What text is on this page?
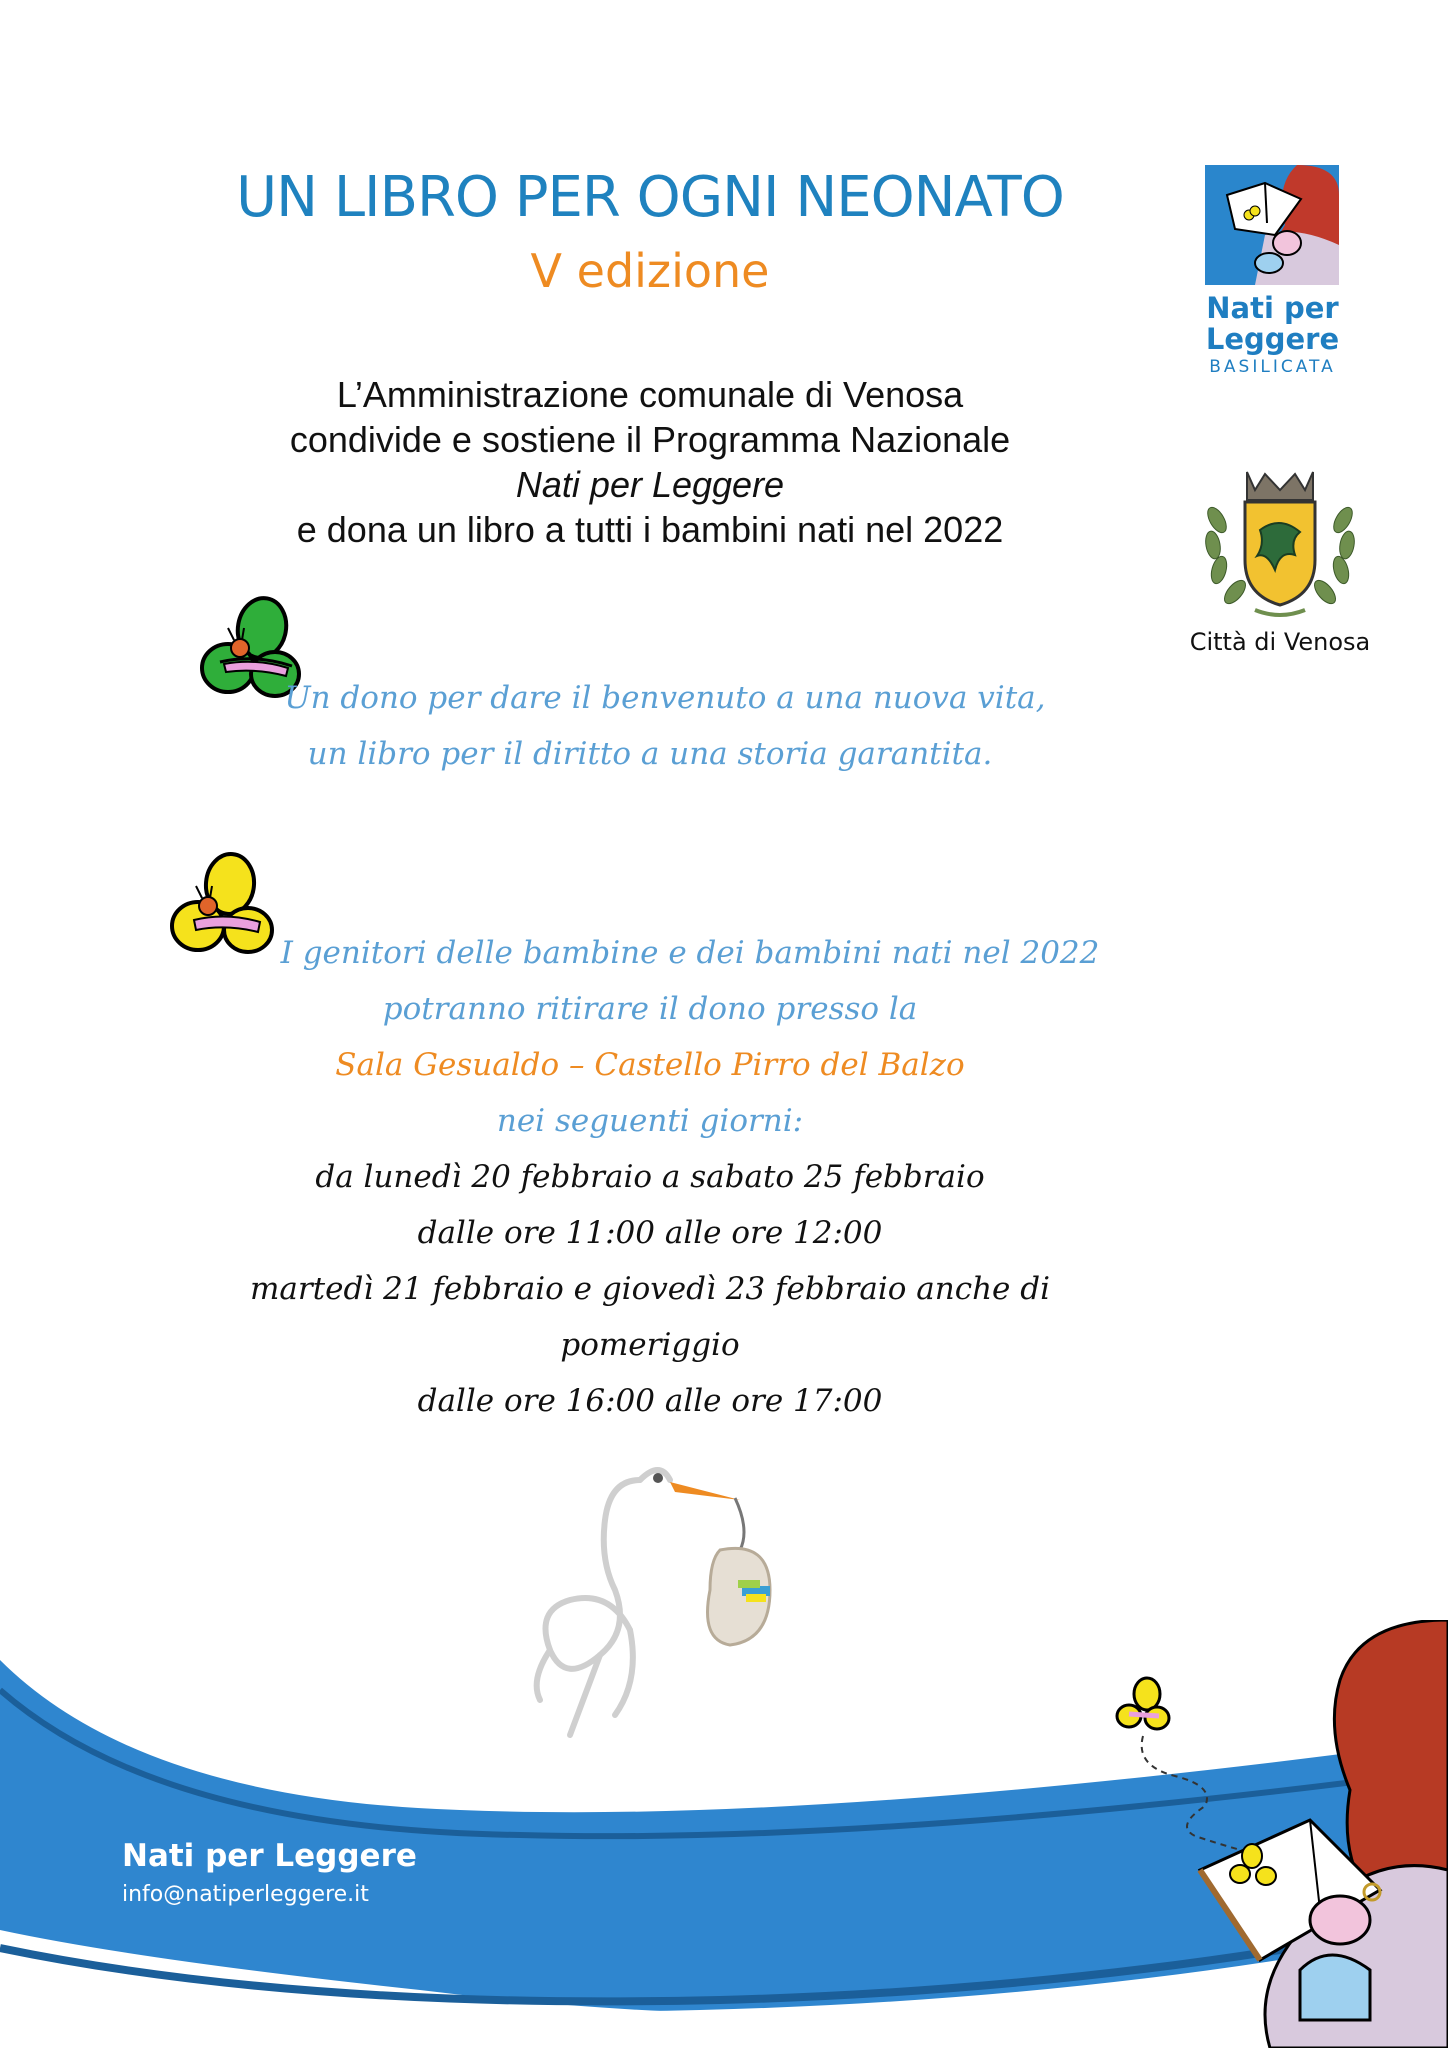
UN LIBRO PER OGNI NEONATO
V edizione
L’Amministrazione comunale di Venosa
condivide e sostiene il Programma Nazionale
Nati per Leggere
e dona un libro a tutti i bambini nati nel 2022
Un dono per dare il benvenuto a una nuova vita,
un libro per il diritto a una storia garantita.
I genitori delle bambine e dei bambini nati nel 2022
potranno ritirare il dono presso la
Sala Gesualdo – Castello Pirro del Balzo
nei seguenti giorni:
da lunedì 20 febbraio a sabato 25 febbraio
dalle ore 11:00 alle ore 12:00
martedì 21 febbraio e giovedì 23 febbraio anche di
pomeriggio
dalle ore 16:00 alle ore 17:00
Nati per
Leggere
BASILICATA
Città di Venosa
Nati per Leggere
info@natiperleggere.it
